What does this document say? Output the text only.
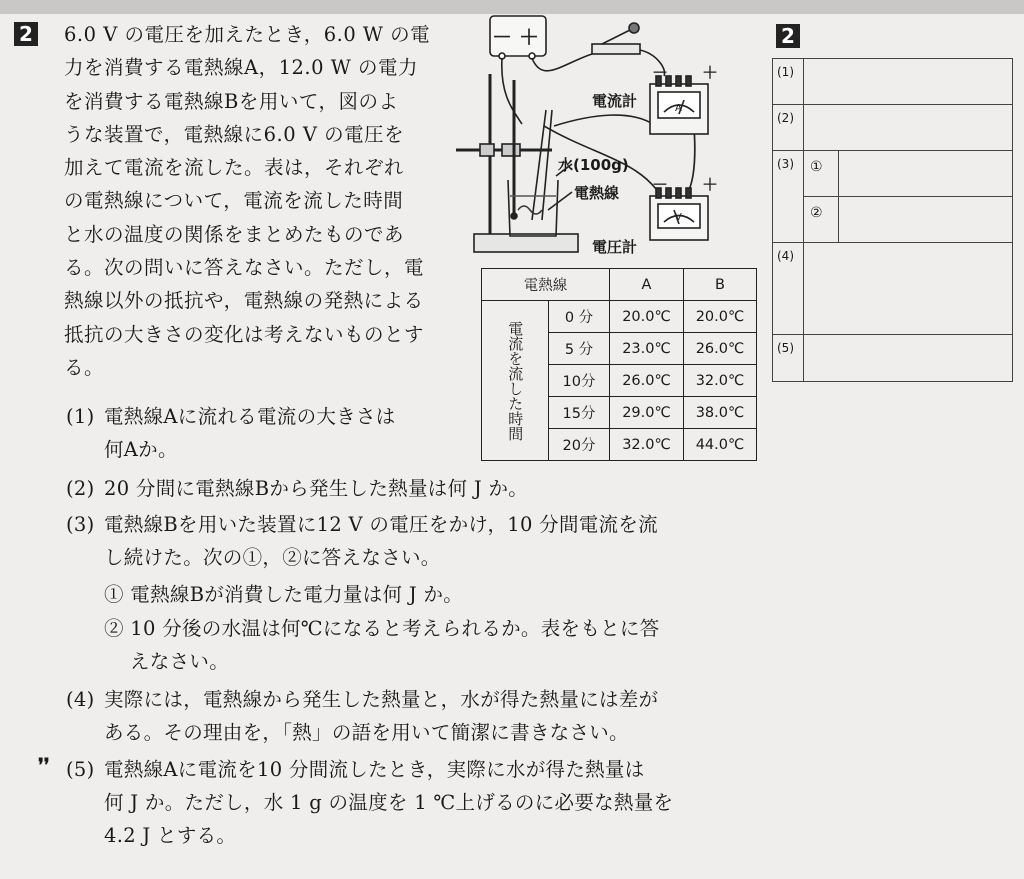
2 6.0 V の電圧を加えたとき，6.0 W の電
力を消費する電熱線A，12.0 W の電力
を消費する電熱線Bを用いて，図のよ
うな装置で，電熱線に6.0 V の電圧を
加えて電流を流した。表は，それぞれ
の電熱線について，電流を流した時間
と水の温度の関係をまとめたものであ
る。次の問いに答えなさい。ただし，電
熱線以外の抵抗や，電熱線の発熱による
抵抗の大きさの変化は考えないものとす
る。
(1) 電熱線Aに流れる電流の大きさは
何Aか。
(2) 20 分間に電熱線Bから発生した熱量は何 J か。
(3) 電熱線Bを用いた装置に12 V の電圧をかけ，10 分間電流を流
し続けた。次の①，②に答えなさい。
① 電熱線Bが消費した電力量は何 J か。
② 10 分後の水温は何℃になると考えられるか。表をもとに答
えなさい。
(4) 実際には，電熱線から発生した熱量と，水が得た熱量には差が
ある。その理由を，「熱」の語を用いて簡潔に書きなさい。
❜❜ (5) 電熱線Aに電流を10 分間流したとき，実際に水が得た熱量は
何 J か。ただし，水 1 g の温度を 1 ℃上げるのに必要な熱量を
4.2 J とする。
－ ＋
－ ＋
A
－ ＋
V
電流計
水(100g)
電熱線
電圧計
電熱線		A	B
電流を流した時間	0 分	20.0℃	20.0℃
	5 分	23.0℃	26.0℃
	10分	26.0℃	32.0℃
	15分	29.0℃	38.0℃
	20分	32.0℃	44.0℃
2
(1)		
(2)		
(3)	①	
	②	
(4)		
(5)		
